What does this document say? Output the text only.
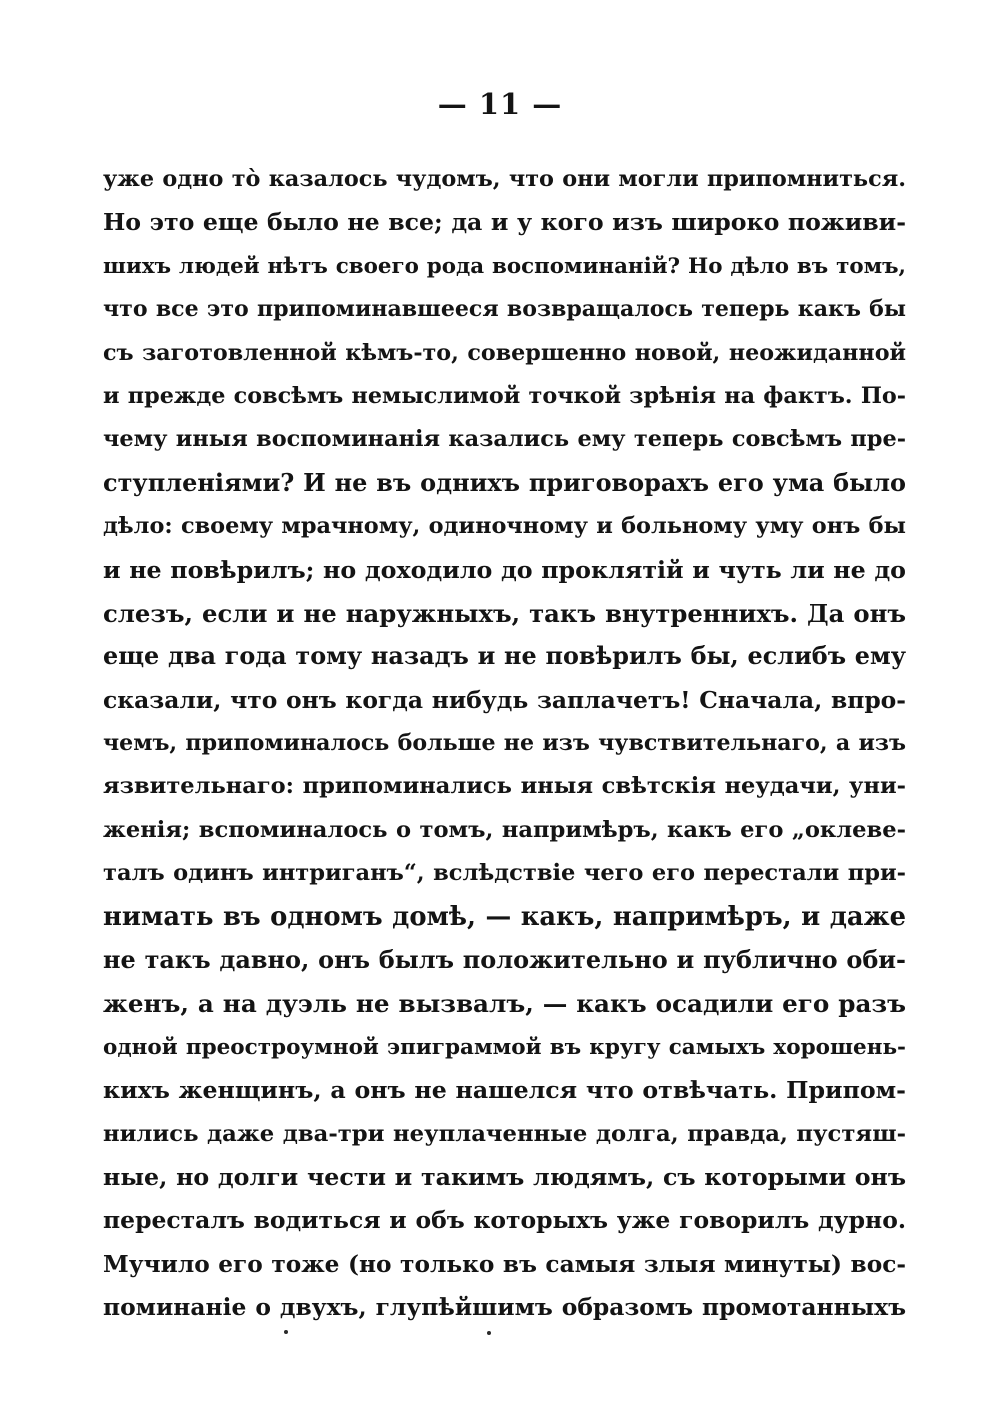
— 11 —
уже одно тò казалось чудомъ, что они могли припомниться.
Но это еще было не все; да и у кого изъ широко поживи-
шихъ людей нѣтъ своего рода воспоминаній? Но дѣло въ томъ,
что все это припоминавшееся возвращалось теперь какъ бы
съ заготовленной кѣмъ-то, совершенно новой, неожиданной
и прежде совсѣмъ немыслимой точкой зрѣнія на фактъ. По-
чему иныя воспоминанія казались ему теперь совсѣмъ пре-
ступленіями? И не въ однихъ приговорахъ его ума было
дѣло: своему мрачному, одиночному и больному уму онъ бы
и не повѣрилъ; но доходило до проклятій и чуть ли не до
слезъ, если и не наружныхъ, такъ внутреннихъ. Да онъ
еще два года тому назадъ и не повѣрилъ бы, еслибъ ему
сказали, что онъ когда нибудь заплачетъ! Сначала, впро-
чемъ, припоминалось больше не изъ чувствительнаго, а изъ
язвительнаго: припоминались иныя свѣтскія неудачи, уни-
женія; вспоминалось о томъ, напримѣръ, какъ его „оклеве-
талъ одинъ интриганъ“, вслѣдствіе чего его перестали при-
нимать въ одномъ домѣ, — какъ, напримѣръ, и даже
не такъ давно, онъ былъ положительно и публично оби-
женъ, а на дуэль не вызвалъ, — какъ осадили его разъ
одной преостроумной эпиграммой въ кругу самыхъ хорошень-
кихъ женщинъ, а онъ не нашелся что отвѣчать. Припом-
нились даже два-три неуплаченные долга, правда, пустяш-
ные, но долги чести и такимъ людямъ, съ которыми онъ
пересталъ водиться и объ которыхъ уже говорилъ дурно.
Мучило его тоже (но только въ самыя злыя минуты) вос-
поминаніе о двухъ, глупѣйшимъ образомъ промотанныхъ
